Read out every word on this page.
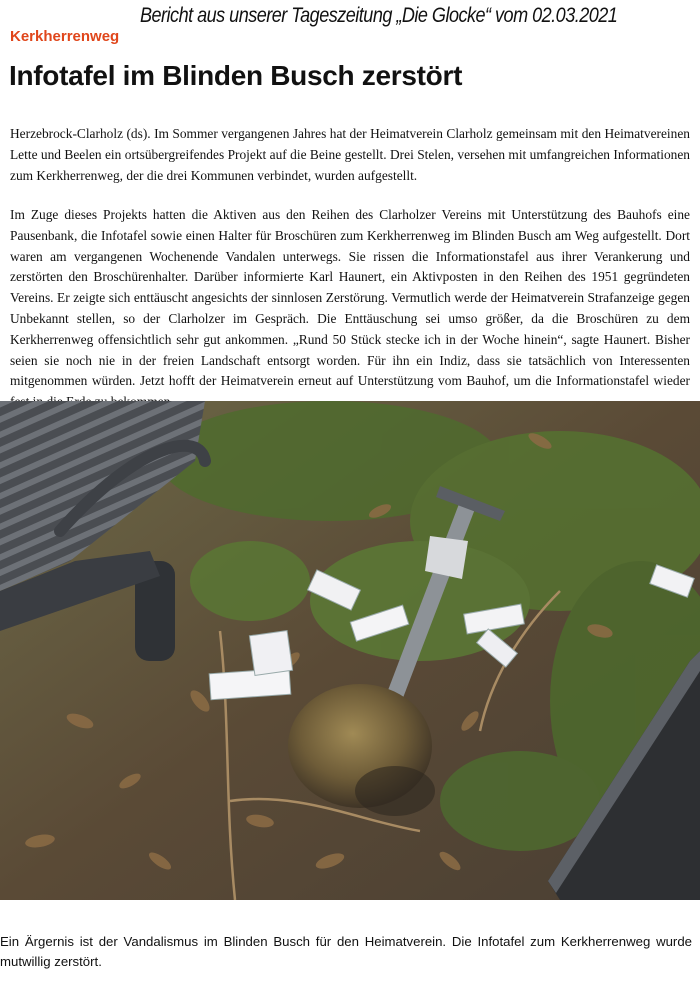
Bericht aus unserer Tageszeitung „Die Glocke“ vom 02.03.2021
Kerkherrenweg
Infotafel im Blinden Busch zerstört

Herzebrock-Clarholz (ds). Im Sommer vergangenen Jahres hat der Heimatverein Clarholz gemeinsam mit den Heimatvereinen Lette und Beelen ein ortsübergreifendes Projekt auf die Beine gestellt. Drei Stelen, versehen mit umfangreichen Informationen zum Kerkherrenweg, der die drei Kommunen verbindet, wurden aufgestellt.

Im Zuge dieses Projekts hatten die Aktiven aus den Reihen des Clarholzer Vereins mit Unterstützung des Bauhofs eine Pausenbank, die Infotafel sowie einen Halter für Broschüren zum Kerkherrenweg im Blinden Busch am Weg aufgestellt. Dort waren am vergangenen Wochenende Vandalen unterwegs. Sie rissen die Informationstafel aus ihrer Verankerung und zerstörten den Broschürenhalter. Darüber informierte Karl Haunert, ein Aktivposten in den Reihen des 1951 gegründeten Vereins. Er zeigte sich enttäuscht angesichts der sinnlosen Zerstörung. Vermutlich werde der Heimatverein Strafanzeige gegen Unbekannt stellen, so der Clarholzer im Gespräch. Die Enttäuschung sei umso größer, da die Broschüren zu dem Kerkherrenweg offensichtlich sehr gut ankommen. „Rund 50 Stück stecke ich in der Woche hinein“, sagte Haunert. Bisher seien sie noch nie in der freien Landschaft entsorgt worden. Für ihn ein Indiz, dass sie tatsächlich von Interessenten mitgenommen würden. Jetzt hofft der Heimatverein erneut auf Unterstützung vom Bauhof, um die Informationstafel wieder

Ein Ärgernis ist der Vandalismus im Blinden Busch für den Heimatverein. Die Infotafel zum Kerkherrenweg wurde mutwillig zerstört.
